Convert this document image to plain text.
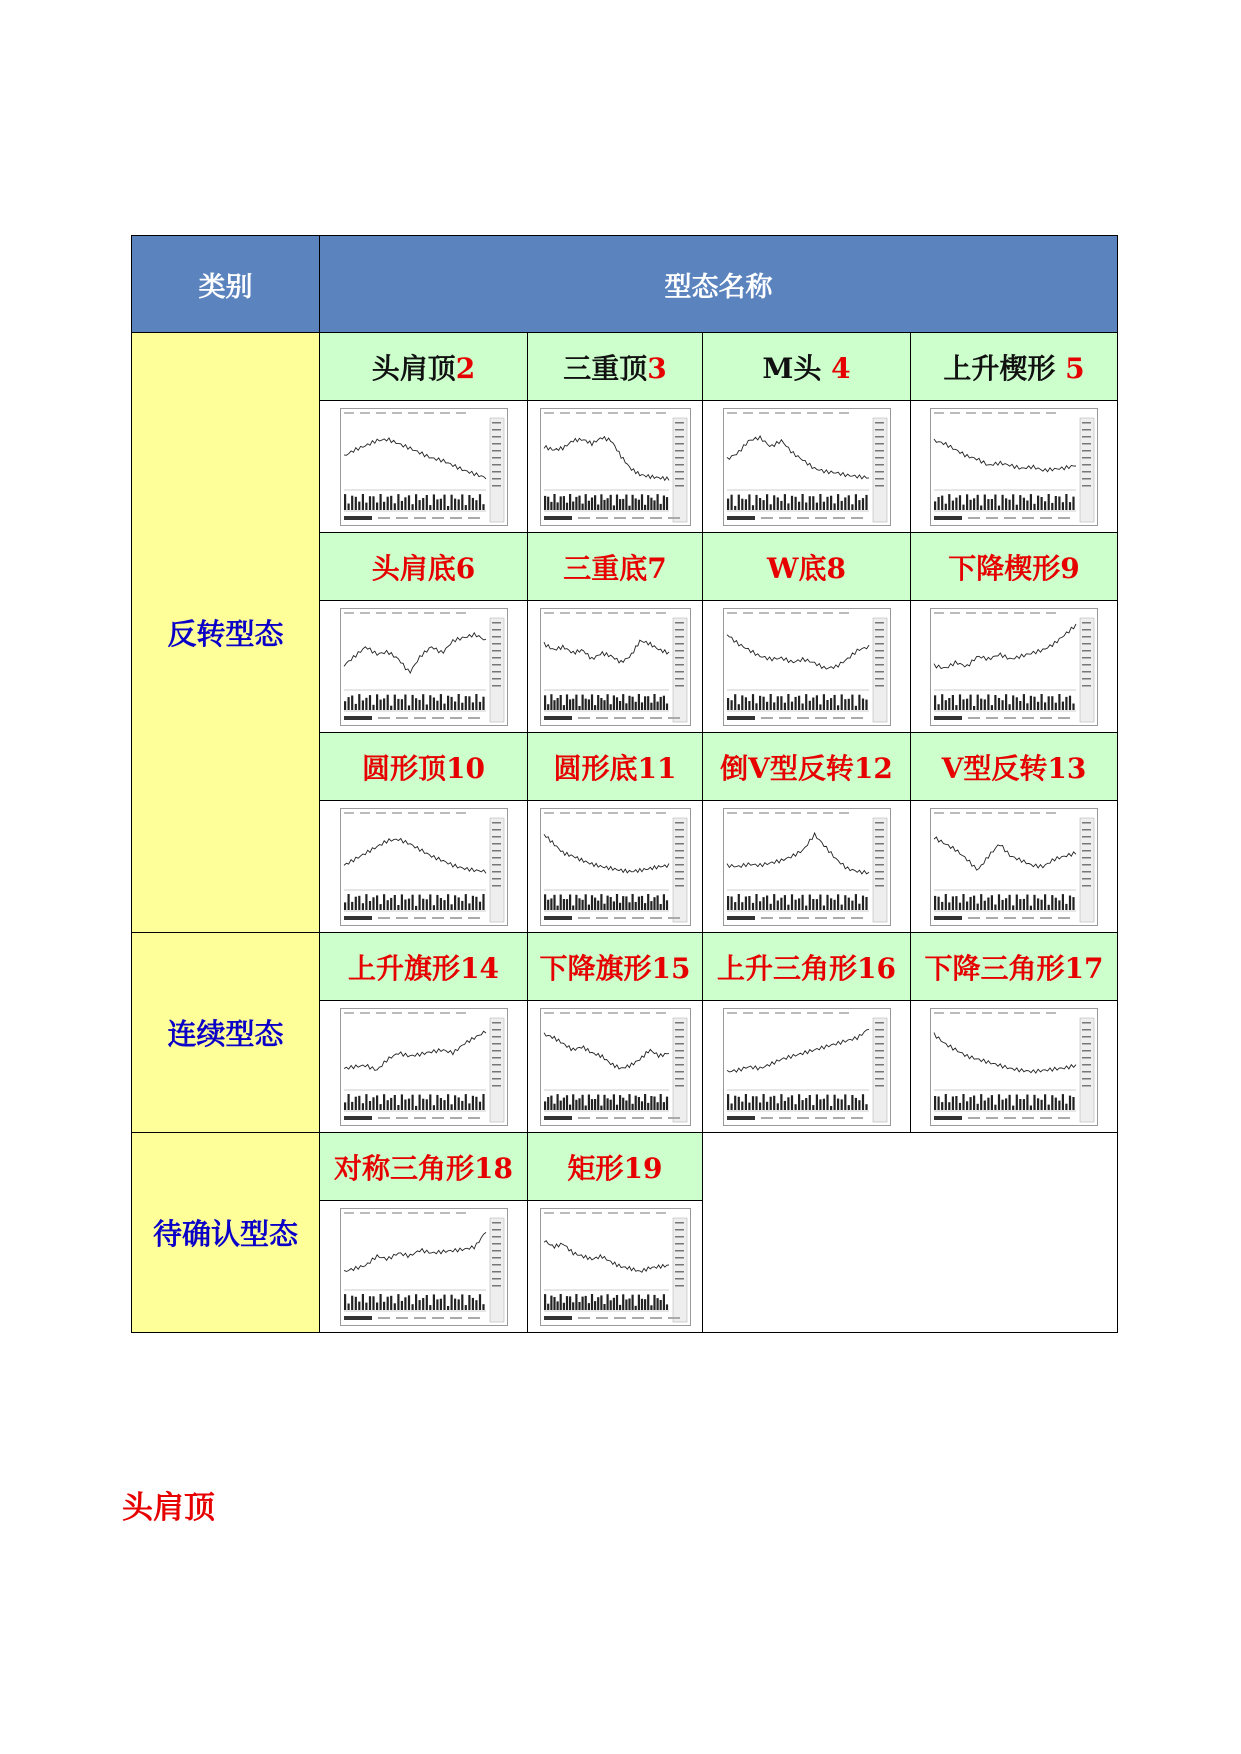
类别	型态名称			
反转型态	头肩顶2	三重顶3	M头 4	上升楔形 5

	头肩底6	三重底7	W底8	下降楔形9

	圆形顶10	圆形底11	倒V型反转12	V型反转13

连续型态	上升旗形14	下降旗形15	上升三角形16	下降三角形17

待确认型态	对称三角形18	矩形19		

头肩顶
